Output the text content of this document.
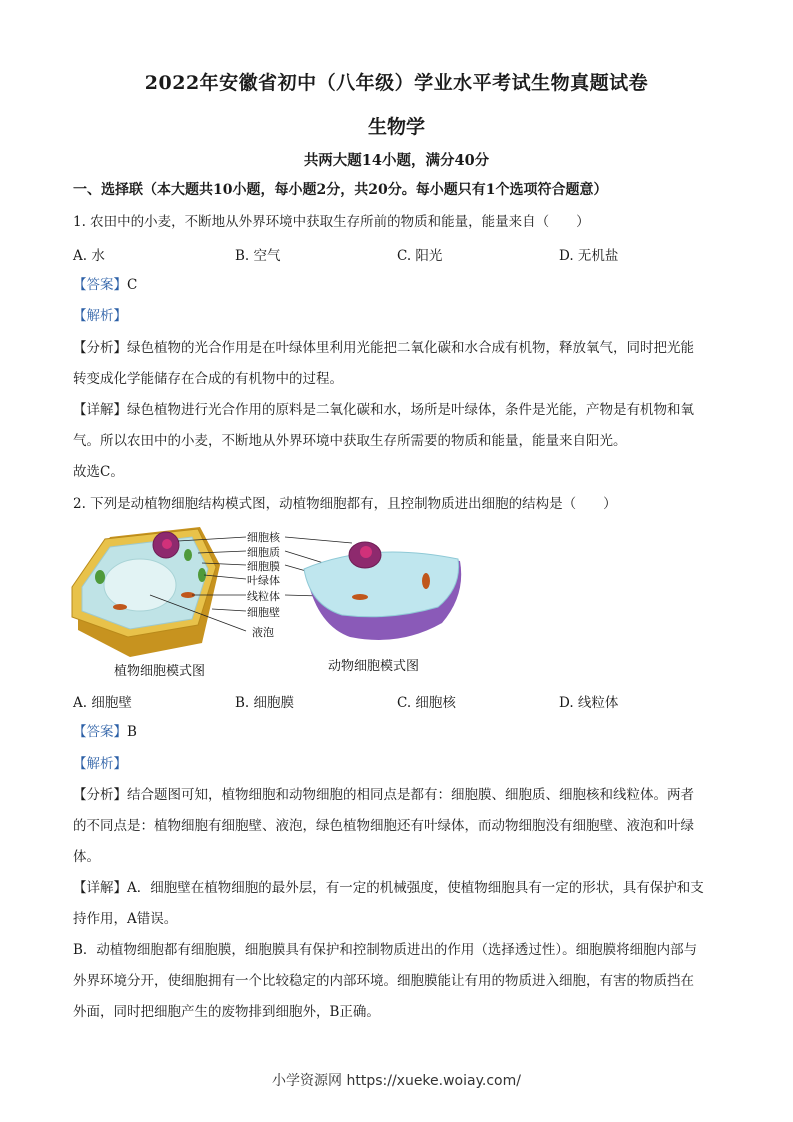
2022年安徽省初中（八年级）学业水平考试生物真题试卷
生物学
共两大题14小题，满分40分
一、选择联（本大题共10小题，每小题2分，共20分。每小题只有1个选项符合题意）
1. 农田中的小麦，不断地从外界环境中获取生存所前的物质和能量，能量来自（　　）
A. 水	B. 空气	C. 阳光	D. 无机盐
【答案】C
【解析】
【分析】绿色植物的光合作用是在叶绿体里利用光能把二氧化碳和水合成有机物，释放氧气，同时把光能
转变成化学能储存在合成的有机物中的过程。
【详解】绿色植物进行光合作用的原料是二氧化碳和水，场所是叶绿体，条件是光能，产物是有机物和氧
气。所以农田中的小麦，不断地从外界环境中获取生存所需要的物质和能量，能量来自阳光。
故选C。
2. 下列是动植物细胞结构模式图，动植物细胞都有，且控制物质进出细胞的结构是（　　）
细胞核
细胞质
细胞膜
叶绿体
线粒体
细胞壁
液泡
植物细胞模式图	动物细胞模式图
A. 细胞壁	B. 细胞膜	C. 细胞核	D. 线粒体
【答案】B
【解析】
【分析】结合题图可知，植物细胞和动物细胞的相同点是都有：细胞膜、细胞质、细胞核和线粒体。两者
的不同点是：植物细胞有细胞壁、液泡，绿色植物细胞还有叶绿体，而动物细胞没有细胞壁、液泡和叶绿
体。
【详解】A．细胞壁在植物细胞的最外层，有一定的机械强度，使植物细胞具有一定的形状，具有保护和支
持作用，A错误。
B．动植物细胞都有细胞膜，细胞膜具有保护和控制物质进出的作用（选择透过性）。细胞膜将细胞内部与
外界环境分开，使细胞拥有一个比较稳定的内部环境。细胞膜能让有用的物质进入细胞，有害的物质挡在
外面，同时把细胞产生的废物排到细胞外，B正确。
小学资源网 https://xueke.woiay.com/
